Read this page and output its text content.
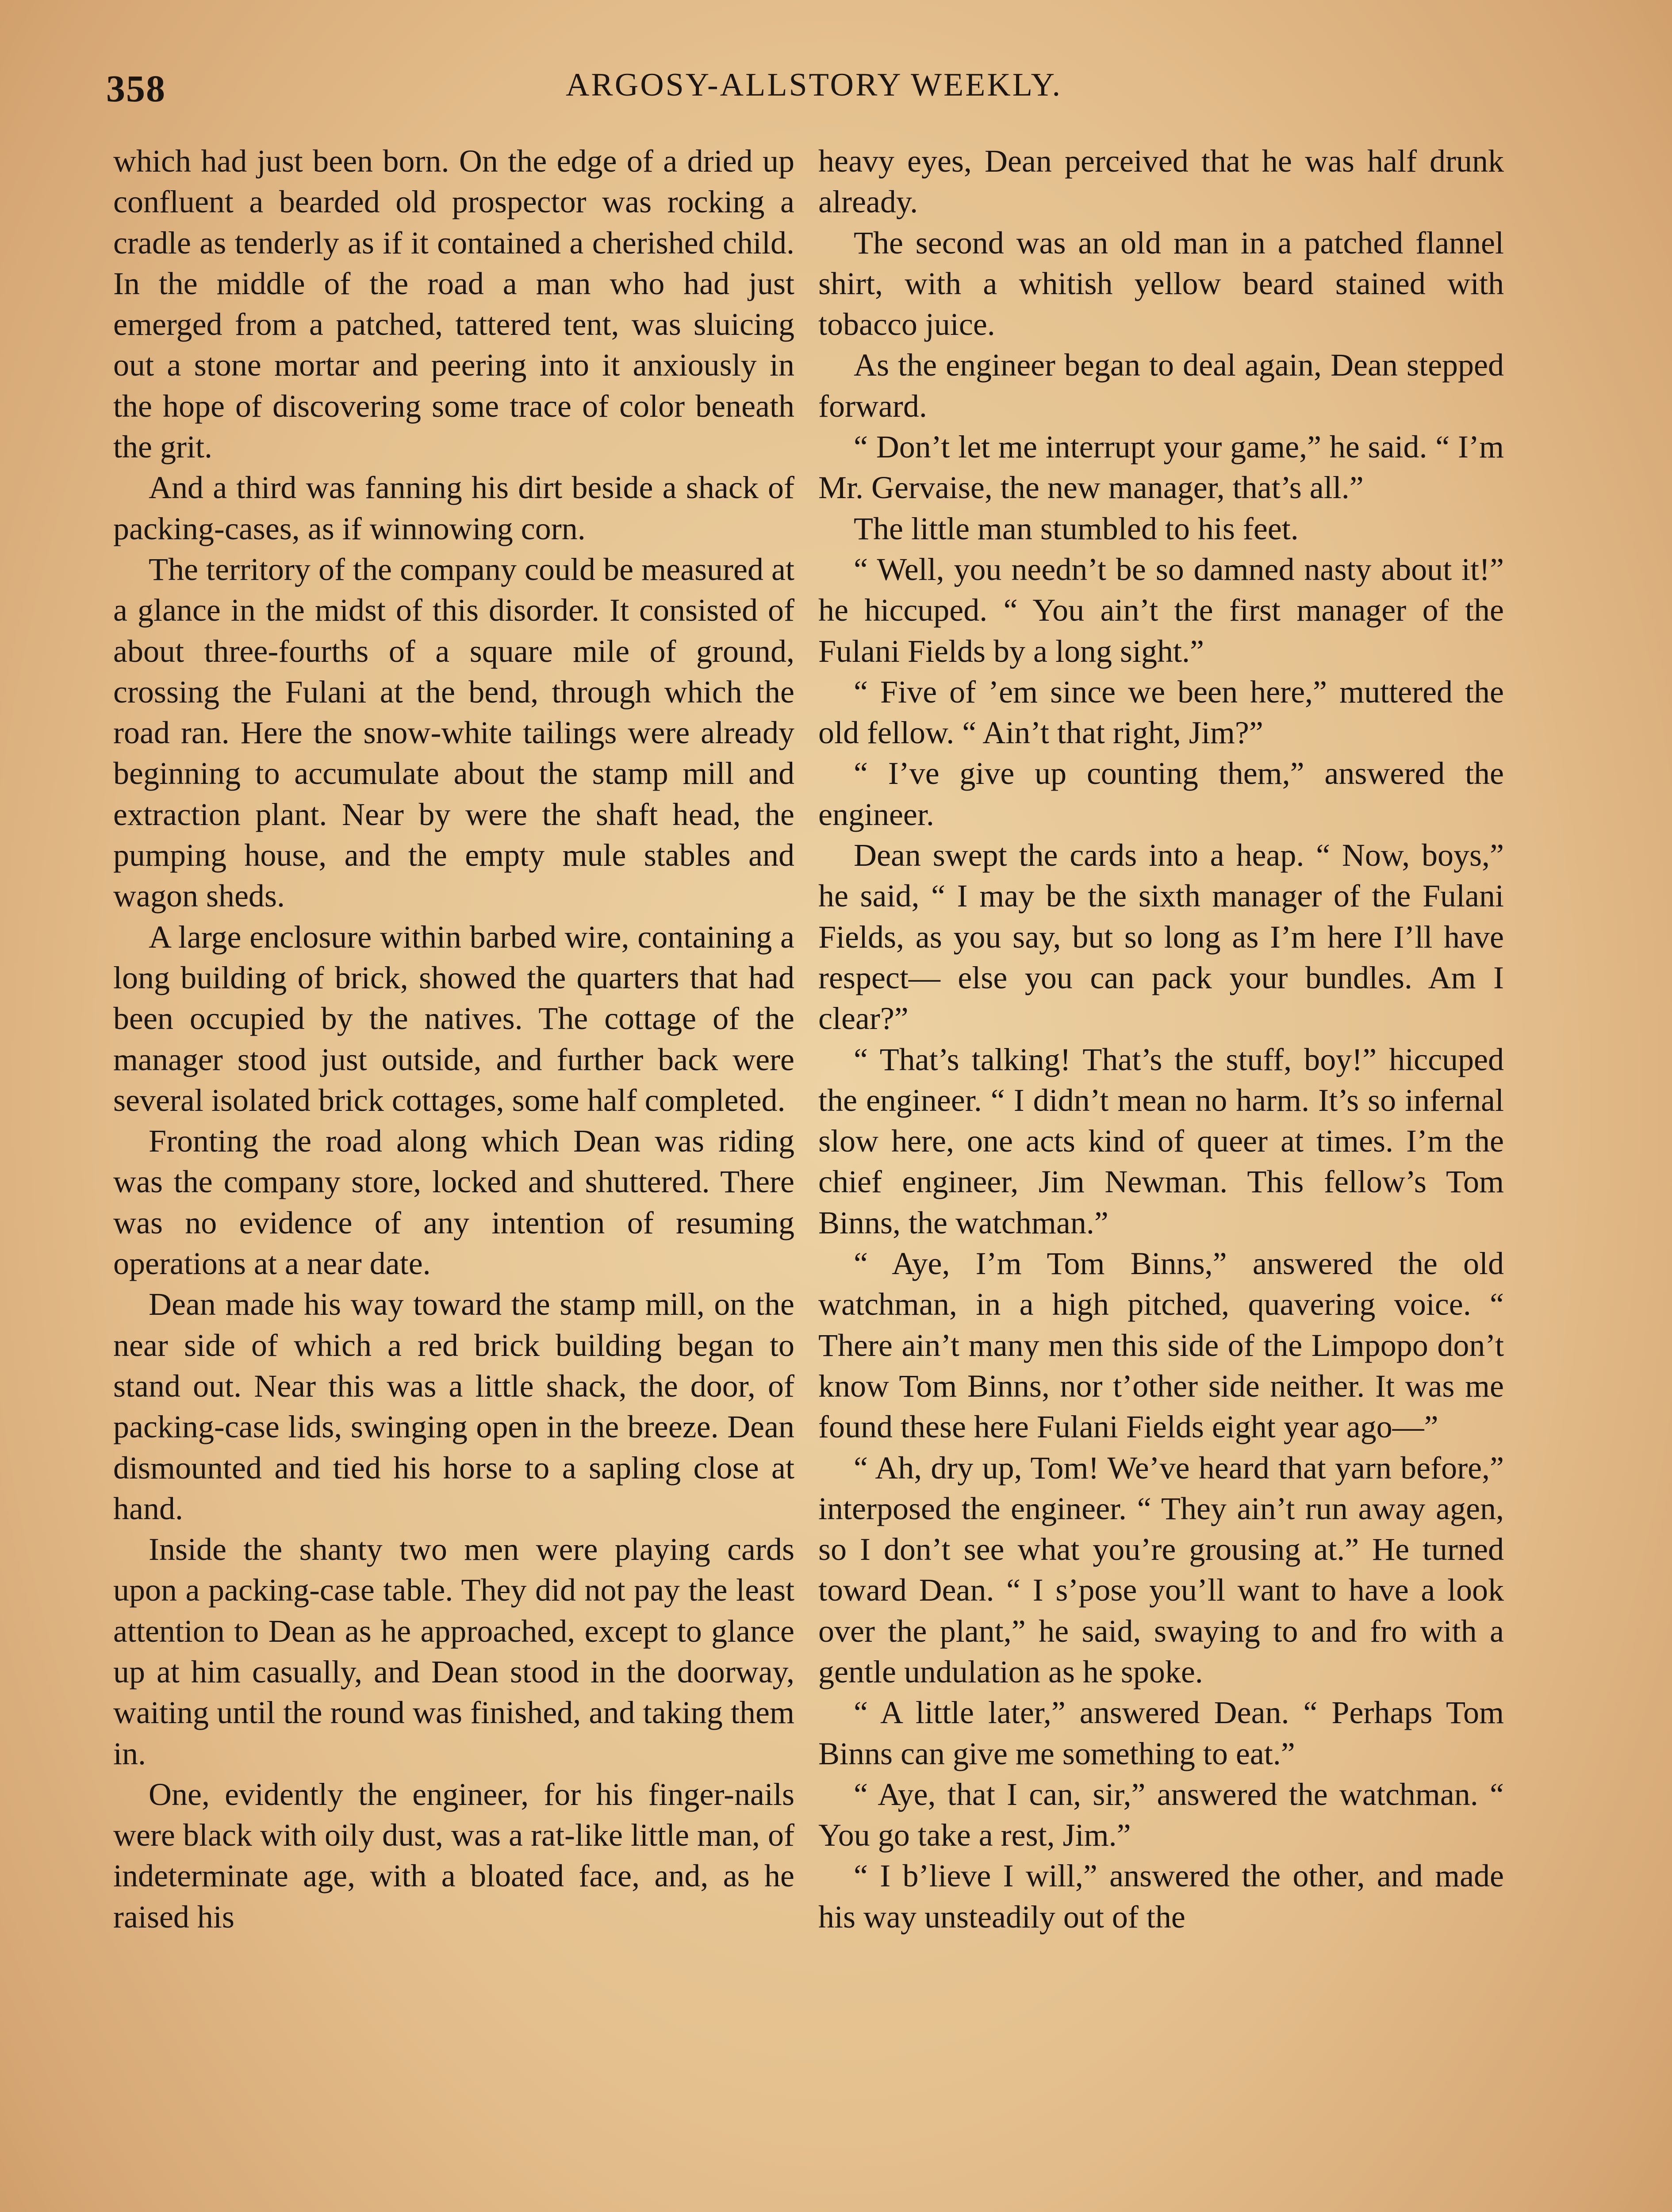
358	ARGOSY-ALLSTORY WEEKLY.

which had just been born. On the edge of a dried up confluent a bearded old prospector was rocking a cradle as tenderly as if it contained a cherished child. In the middle of the road a man who had just emerged from a patched, tattered tent, was sluicing out a stone mortar and peering into it anxiously in the hope of discovering some trace of color beneath the grit.

And a third was fanning his dirt beside a shack of packing-cases, as if winnowing corn.

The territory of the company could be measured at a glance in the midst of this disorder. It consisted of about three-fourths of a square mile of ground, crossing the Fulani at the bend, through which the road ran. Here the snow-white tailings were already beginning to accumulate about the stamp mill and extraction plant. Near by were the shaft head, the pumping house, and the empty mule stables and wagon sheds.

A large enclosure within barbed wire, containing a long building of brick, showed the quarters that had been occupied by the natives. The cottage of the manager stood just outside, and further back were several isolated brick cottages, some half completed.

Fronting the road along which Dean was riding was the company store, locked and shuttered. There was no evidence of any intention of resuming operations at a near date.

Dean made his way toward the stamp mill, on the near side of which a red brick building began to stand out. Near this was a little shack, the door, of packing-case lids, swinging open in the breeze. Dean dismounted and tied his horse to a sapling close at hand.

Inside the shanty two men were playing cards upon a packing-case table. They did not pay the least attention to Dean as he approached, except to glance up at him casually, and Dean stood in the doorway, waiting until the round was finished, and taking them in.

One, evidently the engineer, for his finger-nails were black with oily dust, was a rat-like little man, of indeterminate age, with a bloated face, and, as he raised his

heavy eyes, Dean perceived that he was half drunk already.

The second was an old man in a patched flannel shirt, with a whitish yellow beard stained with tobacco juice.

As the engineer began to deal again, Dean stepped forward.

“ Don’t let me interrupt your game,” he said. “ I’m Mr. Gervaise, the new manager, that’s all.”

The little man stumbled to his feet.

“ Well, you needn’t be so damned nasty about it!” he hiccuped. “ You ain’t the first manager of the Fulani Fields by a long sight.”

“ Five of ’em since we been here,” muttered the old fellow. “ Ain’t that right, Jim?”

“ I’ve give up counting them,” answered the engineer.

Dean swept the cards into a heap. “ Now, boys,” he said, “ I may be the sixth manager of the Fulani Fields, as you say, but so long as I’m here I’ll have respect— else you can pack your bundles. Am I clear?”

“ That’s talking! That’s the stuff, boy!” hiccuped the engineer. “ I didn’t mean no harm. It’s so infernal slow here, one acts kind of queer at times. I’m the chief engineer, Jim Newman. This fellow’s Tom Binns, the watchman.”

“ Aye, I’m Tom Binns,” answered the old watchman, in a high pitched, quavering voice. “ There ain’t many men this side of the Limpopo don’t know Tom Binns, nor t’other side neither. It was me found these here Fulani Fields eight year ago—”

“ Ah, dry up, Tom! We’ve heard that yarn before,” interposed the engineer. “ They ain’t run away agen, so I don’t see what you’re grousing at.” He turned toward Dean. “ I s’pose you’ll want to have a look over the plant,” he said, swaying to and fro with a gentle undulation as he spoke.

“ A little later,” answered Dean. “ Perhaps Tom Binns can give me something to eat.”

“ Aye, that I can, sir,” answered the watchman. “ You go take a rest, Jim.”

“ I b’lieve I will,” answered the other, and made his way unsteadily out of the
